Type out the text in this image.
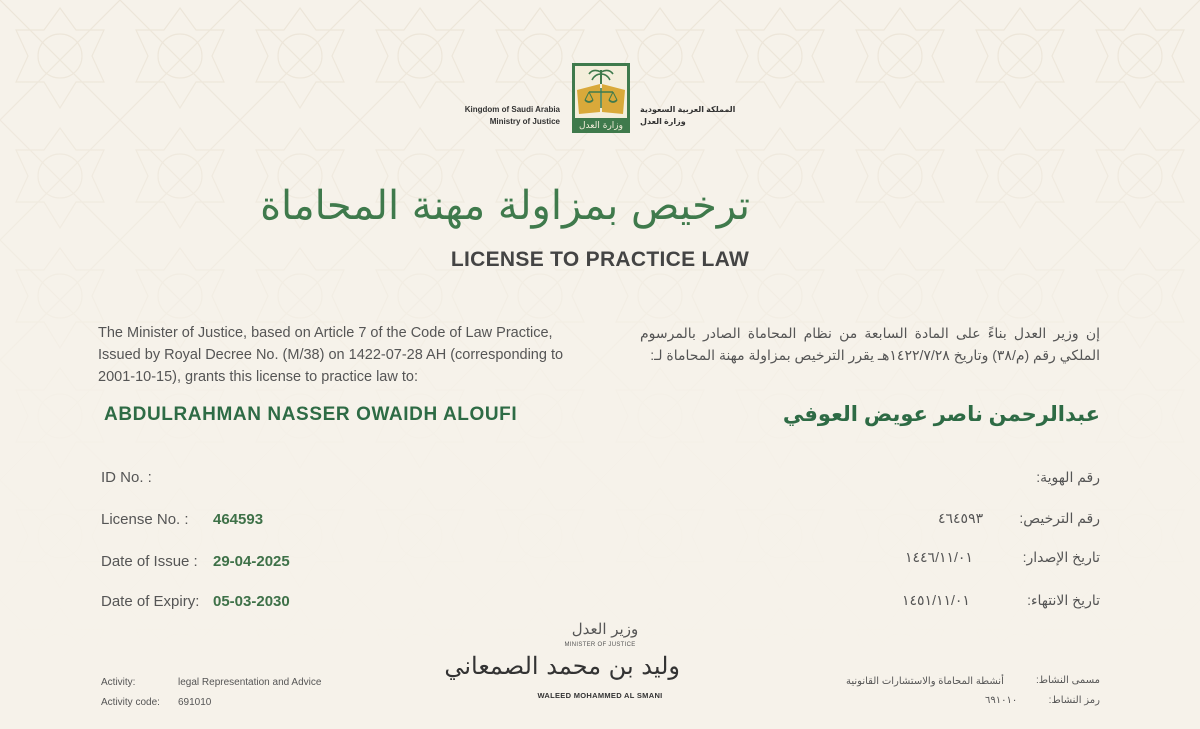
وزارة العدل
Kingdom of Saudi Arabia
Ministry of Justice
المملكة العربية السعودية
وزارة العدل
ترخيص بمزاولة مهنة المحاماة
LICENSE TO PRACTICE LAW
The Minister of Justice, based on Article 7 of the Code of Law Practice, Issued by Royal Decree No. (M/38) on 1422-07-28 AH (corresponding to 2001-10-15), grants this license to practice law to:
إن وزير العدل بناءً على المادة السابعة من نظام المحاماة الصادر بالمرسوم الملكي رقم (م/٣٨) وتاريخ ١٤٢٢/٧/٢٨هـ يقرر الترخيص بمزاولة مهنة المحاماة لـ:
ABDULRAHMAN NASSER OWAIDH ALOUFI	عبدالرحمن ناصر عويض العوفي
ID No. :	رقم الهوية:
License No. : 464593	رقم الترخيص:
٤٦٤٥٩٣
Date of Issue : 29-04-2025	تاريخ الإصدار:
١٤٤٦/١١/٠١
Date of Expiry: 05-03-2030	تاريخ الانتهاء:
١٤٥١/١١/٠١
وزير العدل
MINISTER OF JUSTICE
وليد بن محمد الصمعاني
WALEED MOHAMMED AL SMANI
Activity:	legal Representation and Advice
Activity code: 691010
مسمى النشاط:
أنشطة المحاماة والاستشارات القانونية
رمز النشاط:
٦٩١٠١٠
